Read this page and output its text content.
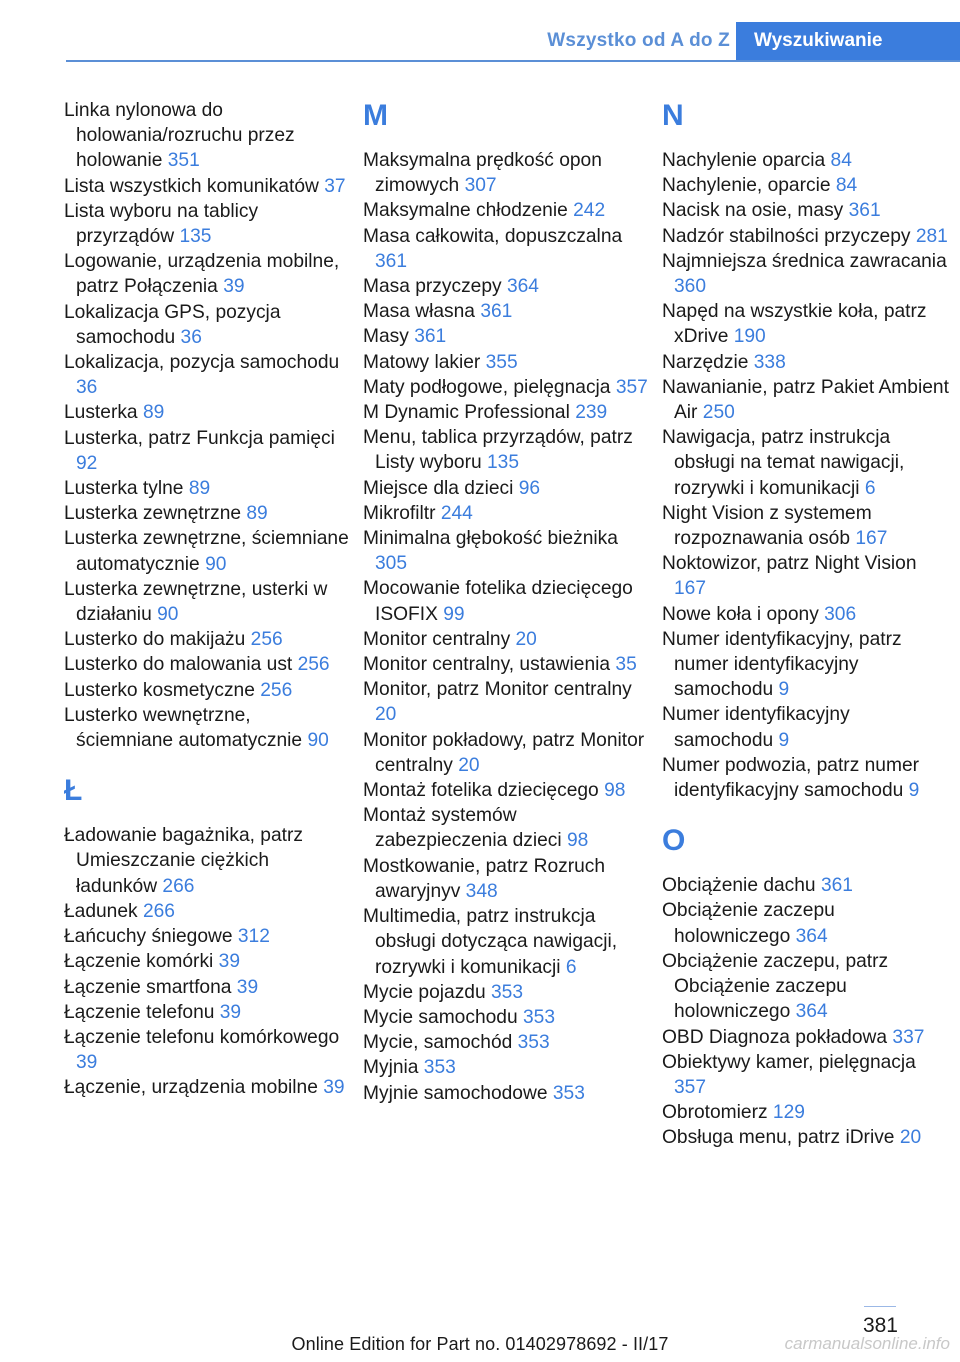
Wszystko od A do Z	Wyszukiwanie
Linka nylonowa do holowania/rozruchu przez holowanie 351
Lista wszystkich komunikatów 37
Lista wyboru na tablicy przyrządów 135
Logowanie, urządzenia mobilne, patrz Połączenia 39
Lokalizacja GPS, pozycja samochodu 36
Lokalizacja, pozycja samochodu 36
Lusterka 89
Lusterka, patrz Funkcja pamięci 92
Lusterka tylne 89
Lusterka zewnętrzne 89
Lusterka zewnętrzne, ściemniane automatycznie 90
Lusterka zewnętrzne, usterki w działaniu 90
Lusterko do makijażu 256
Lusterko do malowania ust 256
Lusterko kosmetyczne 256
Lusterko wewnętrzne, ściemniane automatycznie 90
Ł
Ładowanie bagażnika, patrz Umieszczanie ciężkich ładunków 266
Ładunek 266
Łańcuchy śniegowe 312
Łączenie komórki 39
Łączenie smartfona 39
Łączenie telefonu 39
Łączenie telefonu komórkowego 39
Łączenie, urządzenia mobilne 39
M
Maksymalna prędkość opon zimowych 307
Maksymalne chłodzenie 242
Masa całkowita, dopuszczalna 361
Masa przyczepy 364
Masa własna 361
Masy 361
Matowy lakier 355
Maty podłogowe, pielęgnacja 357
M Dynamic Professional 239
Menu, tablica przyrządów, patrz Listy wyboru 135
Miejsce dla dzieci 96
Mikrofiltr 244
Minimalna głębokość bieżnika 305
Mocowanie fotelika dziecięcego ISOFIX 99
Monitor centralny 20
Monitor centralny, ustawienia 35
Monitor, patrz Monitor centralny 20
Monitor pokładowy, patrz Monitor centralny 20
Montaż fotelika dziecięcego 98
Montaż systemów zabezpieczenia dzieci 98
Mostkowanie, patrz Rozruch awaryjnyv 348
Multimedia, patrz instrukcja obsługi dotycząca nawigacji, rozrywki i komunikacji 6
Mycie pojazdu 353
Mycie samochodu 353
Mycie, samochód 353
Myjnia 353
Myjnie samochodowe 353
N
Nachylenie oparcia 84
Nachylenie, oparcie 84
Nacisk na osie, masy 361
Nadzór stabilności przyczepy 281
Najmniejsza średnica zawracania 360
Napęd na wszystkie koła, patrz xDrive 190
Narzędzie 338
Nawanianie, patrz Pakiet Ambient Air 250
Nawigacja, patrz instrukcja obsługi na temat nawigacji, rozrywki i komunikacji 6
Night Vision z systemem rozpoznawania osób 167
Noktowizor, patrz Night Vision 167
Nowe koła i opony 306
Numer identyfikacyjny, patrz numer identyfikacyjny samochodu 9
Numer identyfikacyjny samochodu 9
Numer podwozia, patrz numer identyfikacyjny samochodu 9
O
Obciążenie dachu 361
Obciążenie zaczepu holowniczego 364
Obciążenie zaczepu, patrz Obciążenie zaczepu holowniczego 364
OBD Diagnoza pokładowa 337
Obiektywy kamer, pielęgnacja 357
Obrotomierz 129
Obsługa menu, patrz iDrive 20
381
Online Edition for Part no. 01402978692 - II/17	carmanualsonline.info
